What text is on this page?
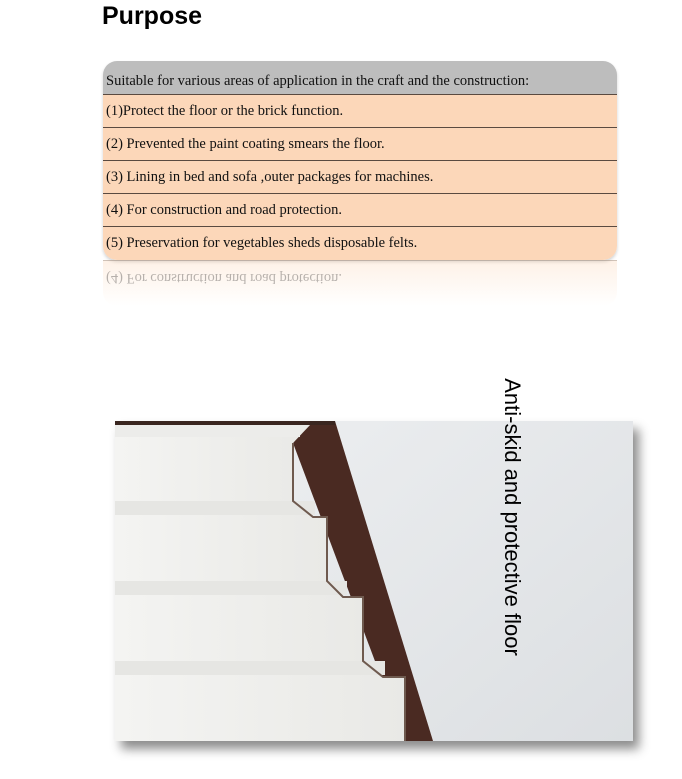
Purpose
Suitable for various areas of application in the craft and the construction:
(1)Protect the floor or the brick function.
(2) Prevented the paint coating smears the floor.
(3) Lining in bed and sofa ,outer packages for machines.
(4) For construction and road protection.
(5) Preservation for vegetables sheds disposable felts.
(4) For construction and road protection.
Anti-skid and protective floor
